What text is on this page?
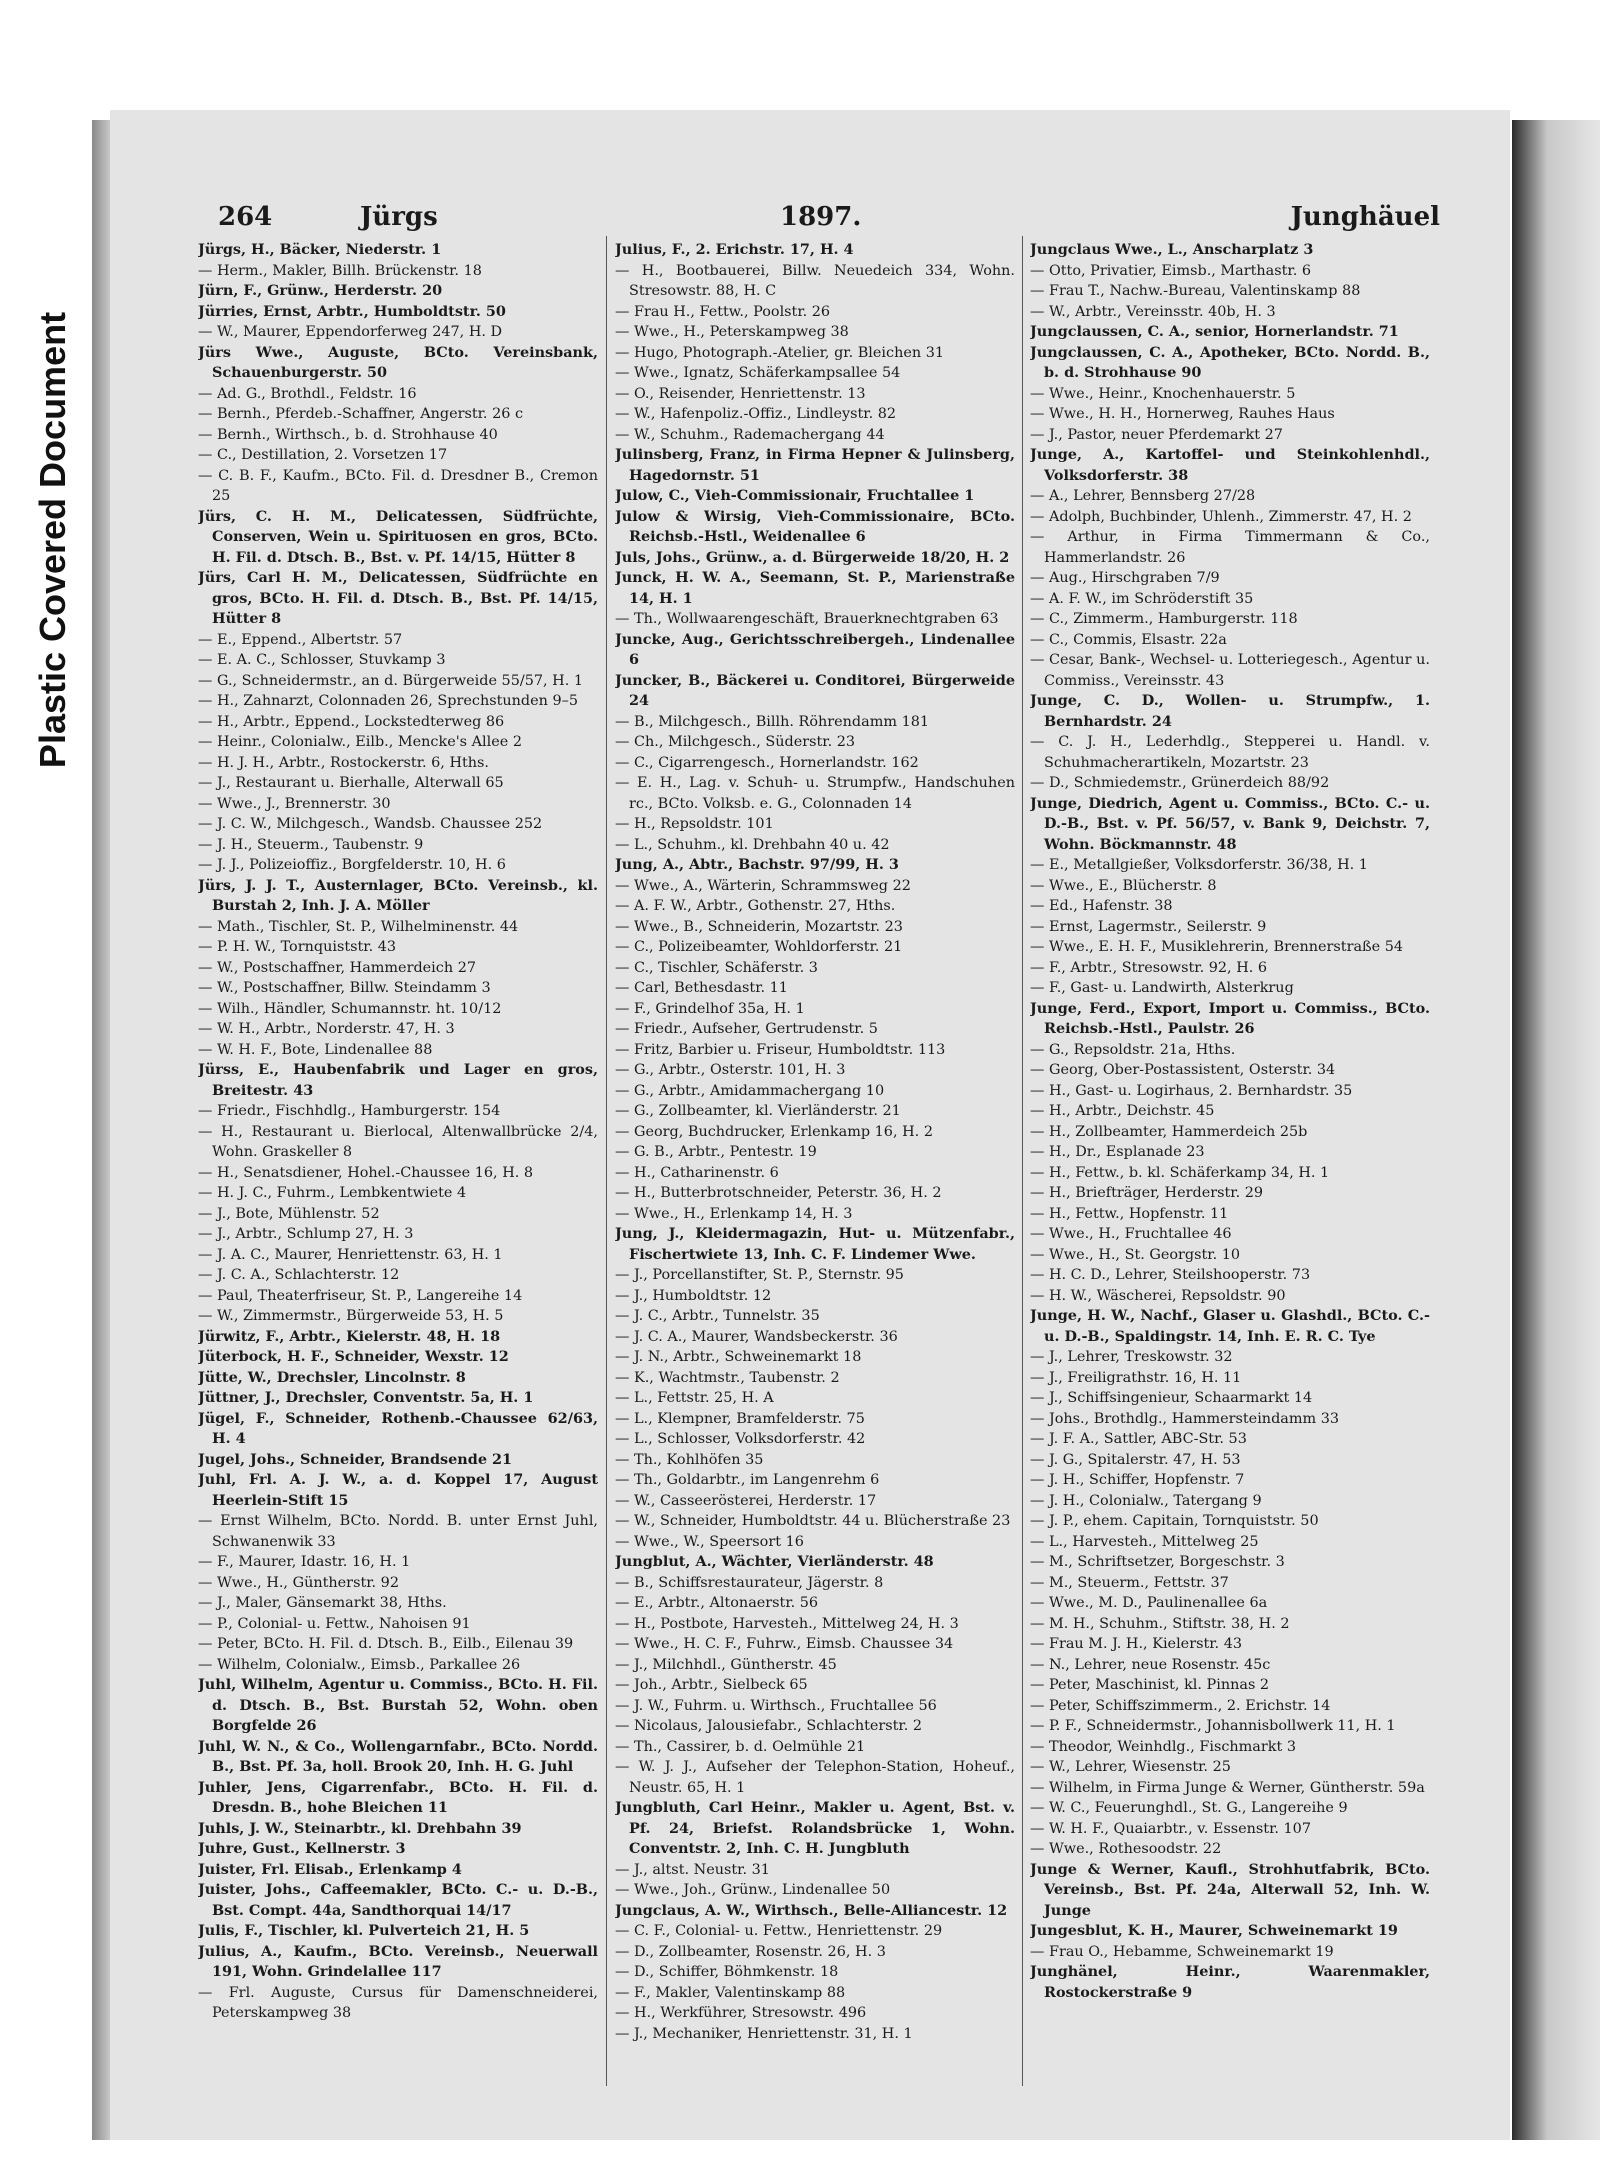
Plastic Covered Document
264	Jürgs	1897.	Junghäuel

Jürgs, H., Bäcker, Niederstr. 1

— Herm., Makler, Billh. Brückenstr. 18

Jürn, F., Grünw., Herderstr. 20

Jürries, Ernst, Arbtr., Humboldtstr. 50

— W., Maurer, Eppendorferweg 247, H. D

Jürs Wwe., Auguste, BCto. Vereinsbank, Schauenburgerstr. 50

— Ad. G., Brothdl., Feldstr. 16

— Bernh., Pferdeb.-Schaffner, Angerstr. 26 c

— Bernh., Wirthsch., b. d. Strohhause 40

— C., Destillation, 2. Vorsetzen 17

— C. B. F., Kaufm., BCto. Fil. d. Dresdner B., Cremon 25

Jürs, C. H. M., Delicatessen, Südfrüchte, Conserven, Wein u. Spirituosen en gros, BCto. H. Fil. d. Dtsch. B., Bst. v. Pf. 14/15, Hütter 8

Jürs, Carl H. M., Delicatessen, Südfrüchte en gros, BCto. H. Fil. d. Dtsch. B., Bst. Pf. 14/15, Hütter 8

— E., Eppend., Albertstr. 57

— E. A. C., Schlosser, Stuvkamp 3

— G., Schneidermstr., an d. Bürgerweide 55/57, H. 1

— H., Zahnarzt, Colonnaden 26, Sprechstunden 9–5

— H., Arbtr., Eppend., Lockstedterweg 86

— Heinr., Colonialw., Eilb., Mencke's Allee 2

— H. J. H., Arbtr., Rostockerstr. 6, Hths.

— J., Restaurant u. Bierhalle, Alterwall 65

— Wwe., J., Brennerstr. 30

— J. C. W., Milchgesch., Wandsb. Chaussee 252

— J. H., Steuerm., Taubenstr. 9

— J. J., Polizeioffiz., Borgfelderstr. 10, H. 6

Jürs, J. J. T., Austernlager, BCto. Vereinsb., kl. Burstah 2, Inh. J. A. Möller

— Math., Tischler, St. P., Wilhelminenstr. 44

— P. H. W., Tornquiststr. 43

— W., Postschaffner, Hammerdeich 27

— W., Postschaffner, Billw. Steindamm 3

— Wilh., Händler, Schumannstr. ht. 10/12

— W. H., Arbtr., Norderstr. 47, H. 3

— W. H. F., Bote, Lindenallee 88

Jürss, E., Haubenfabrik und Lager en gros, Breitestr. 43

— Friedr., Fischhdlg., Hamburgerstr. 154

— H., Restaurant u. Bierlocal, Altenwallbrücke 2/4, Wohn. Graskeller 8

— H., Senatsdiener, Hohel.-Chaussee 16, H. 8

— H. J. C., Fuhrm., Lembkentwiete 4

— J., Bote, Mühlenstr. 52

— J., Arbtr., Schlump 27, H. 3

— J. A. C., Maurer, Henriettenstr. 63, H. 1

— J. C. A., Schlachterstr. 12

— Paul, Theaterfriseur, St. P., Langereihe 14

— W., Zimmermstr., Bürgerweide 53, H. 5

Jürwitz, F., Arbtr., Kielerstr. 48, H. 18

Jüterbock, H. F., Schneider, Wexstr. 12

Jütte, W., Drechsler, Lincolnstr. 8

Jüttner, J., Drechsler, Conventstr. 5a, H. 1

Jügel, F., Schneider, Rothenb.-Chaussee 62/63, H. 4

Jugel, Johs., Schneider, Brandsende 21

Juhl, Frl. A. J. W., a. d. Koppel 17, August Heerlein-Stift 15

— Ernst Wilhelm, BCto. Nordd. B. unter Ernst Juhl, Schwanenwik 33

— F., Maurer, Idastr. 16, H. 1

— Wwe., H., Güntherstr. 92

— J., Maler, Gänsemarkt 38, Hths.

— P., Colonial- u. Fettw., Nahoisen 91

— Peter, BCto. H. Fil. d. Dtsch. B., Eilb., Eilenau 39

— Wilhelm, Colonialw., Eimsb., Parkallee 26

Juhl, Wilhelm, Agentur u. Commiss., BCto. H. Fil. d. Dtsch. B., Bst. Burstah 52, Wohn. oben Borgfelde 26

Juhl, W. N., & Co., Wollengarnfabr., BCto. Nordd. B., Bst. Pf. 3a, holl. Brook 20, Inh. H. G. Juhl

Juhler, Jens, Cigarrenfabr., BCto. H. Fil. d. Dresdn. B., hohe Bleichen 11

Juhls, J. W., Steinarbtr., kl. Drehbahn 39

Juhre, Gust., Kellnerstr. 3

Juister, Frl. Elisab., Erlenkamp 4

Juister, Johs., Caffeemakler, BCto. C.- u. D.-B., Bst. Compt. 44a, Sandthorquai 14/17

Julis, F., Tischler, kl. Pulverteich 21, H. 5

Julius, A., Kaufm., BCto. Vereinsb., Neuerwall 191, Wohn. Grindelallee 117

— Frl. Auguste, Cursus für Damenschneiderei, Peterskampweg 38

Julius, F., 2. Erichstr. 17, H. 4

— H., Bootbauerei, Billw. Neuedeich 334, Wohn. Stresowstr. 88, H. C

— Frau H., Fettw., Poolstr. 26

— Wwe., H., Peterskampweg 38

— Hugo, Photograph.-Atelier, gr. Bleichen 31

— Wwe., Ignatz, Schäferkampsallee 54

— O., Reisender, Henriettenstr. 13

— W., Hafenpoliz.-Offiz., Lindleystr. 82

— W., Schuhm., Rademachergang 44

Julinsberg, Franz, in Firma Hepner & Julinsberg, Hagedornstr. 51

Julow, C., Vieh-Commissionair, Fruchtallee 1

Julow & Wirsig, Vieh-Commissionaire, BCto. Reichsb.-Hstl., Weidenallee 6

Juls, Johs., Grünw., a. d. Bürgerweide 18/20, H. 2

Junck, H. W. A., Seemann, St. P., Marienstraße 14, H. 1

— Th., Wollwaarengeschäft, Brauerknechtgraben 63

Juncke, Aug., Gerichtsschreibergeh., Lindenallee 6

Juncker, B., Bäckerei u. Conditorei, Bürgerweide 24

— B., Milchgesch., Billh. Röhrendamm 181

— Ch., Milchgesch., Süderstr. 23

— C., Cigarrengesch., Hornerlandstr. 162

— E. H., Lag. v. Schuh- u. Strumpfw., Handschuhen rc., BCto. Volksb. e. G., Colonnaden 14

— H., Repsoldstr. 101

— L., Schuhm., kl. Drehbahn 40 u. 42

Jung, A., Abtr., Bachstr. 97/99, H. 3

— Wwe., A., Wärterin, Schrammsweg 22

— A. F. W., Arbtr., Gothenstr. 27, Hths.

— Wwe., B., Schneiderin, Mozartstr. 23

— C., Polizeibeamter, Wohldorferstr. 21

— C., Tischler, Schäferstr. 3

— Carl, Bethesdastr. 11

— F., Grindelhof 35a, H. 1

— Friedr., Aufseher, Gertrudenstr. 5

— Fritz, Barbier u. Friseur, Humboldtstr. 113

— G., Arbtr., Osterstr. 101, H. 3

— G., Arbtr., Amidammachergang 10

— G., Zollbeamter, kl. Vierländerstr. 21

— Georg, Buchdrucker, Erlenkamp 16, H. 2

— G. B., Arbtr., Pentestr. 19

— H., Catharinenstr. 6

— H., Butterbrotschneider, Peterstr. 36, H. 2

— Wwe., H., Erlenkamp 14, H. 3

Jung, J., Kleidermagazin, Hut- u. Mützenfabr., Fischertwiete 13, Inh. C. F. Lindemer Wwe.

— J., Porcellanstifter, St. P., Sternstr. 95

— J., Humboldtstr. 12

— J. C., Arbtr., Tunnelstr. 35

— J. C. A., Maurer, Wandsbeckerstr. 36

— J. N., Arbtr., Schweinemarkt 18

— K., Wachtmstr., Taubenstr. 2

— L., Fettstr. 25, H. A

— L., Klempner, Bramfelderstr. 75

— L., Schlosser, Volksdorferstr. 42

— Th., Kohlhöfen 35

— Th., Goldarbtr., im Langenrehm 6

— W., Casseerösterei, Herderstr. 17

— W., Schneider, Humboldtstr. 44 u. Blücherstraße 23

— Wwe., W., Speersort 16

Jungblut, A., Wächter, Vierländerstr. 48

— B., Schiffsrestaurateur, Jägerstr. 8

— E., Arbtr., Altonaerstr. 56

— H., Postbote, Harvesteh., Mittelweg 24, H. 3

— Wwe., H. C. F., Fuhrw., Eimsb. Chaussee 34

— J., Milchhdl., Güntherstr. 45

— Joh., Arbtr., Sielbeck 65

— J. W., Fuhrm. u. Wirthsch., Fruchtallee 56

— Nicolaus, Jalousiefabr., Schlachterstr. 2

— Th., Cassirer, b. d. Oelmühle 21

— W. J. J., Aufseher der Telephon-Station, Hoheuf., Neustr. 65, H. 1

Jungbluth, Carl Heinr., Makler u. Agent, Bst. v. Pf. 24, Briefst. Rolandsbrücke 1, Wohn. Conventstr. 2, Inh. C. H. Jungbluth

— J., altst. Neustr. 31

— Wwe., Joh., Grünw., Lindenallee 50

Jungclaus, A. W., Wirthsch., Belle-Alliancestr. 12

— C. F., Colonial- u. Fettw., Henriettenstr. 29

— D., Zollbeamter, Rosenstr. 26, H. 3

— D., Schiffer, Böhmkenstr. 18

— F., Makler, Valentinskamp 88

— H., Werkführer, Stresowstr. 496

— J., Mechaniker, Henriettenstr. 31, H. 1

Jungclaus Wwe., L., Anscharplatz 3

— Otto, Privatier, Eimsb., Marthastr. 6

— Frau T., Nachw.-Bureau, Valentinskamp 88

— W., Arbtr., Vereinsstr. 40b, H. 3

Jungclaussen, C. A., senior, Hornerlandstr. 71

Jungclaussen, C. A., Apotheker, BCto. Nordd. B., b. d. Strohhause 90

— Wwe., Heinr., Knochenhauerstr. 5

— Wwe., H. H., Hornerweg, Rauhes Haus

— J., Pastor, neuer Pferdemarkt 27

Junge, A., Kartoffel- und Steinkohlenhdl., Volksdorferstr. 38

— A., Lehrer, Bennsberg 27/28

— Adolph, Buchbinder, Uhlenh., Zimmerstr. 47, H. 2

— Arthur, in Firma Timmermann & Co., Hammerlandstr. 26

— Aug., Hirschgraben 7/9

— A. F. W., im Schröderstift 35

— C., Zimmerm., Hamburgerstr. 118

— C., Commis, Elsastr. 22a

— Cesar, Bank-, Wechsel- u. Lotteriegesch., Agentur u. Commiss., Vereinsstr. 43

Junge, C. D., Wollen- u. Strumpfw., 1. Bernhardstr. 24

— C. J. H., Lederhdlg., Stepperei u. Handl. v. Schuhmacherartikeln, Mozartstr. 23

— D., Schmiedemstr., Grünerdeich 88/92

Junge, Diedrich, Agent u. Commiss., BCto. C.- u. D.-B., Bst. v. Pf. 56/57, v. Bank 9, Deichstr. 7, Wohn. Böckmannstr. 48

— E., Metallgießer, Volksdorferstr. 36/38, H. 1

— Wwe., E., Blücherstr. 8

— Ed., Hafenstr. 38

— Ernst, Lagermstr., Seilerstr. 9

— Wwe., E. H. F., Musiklehrerin, Brennerstraße 54

— F., Arbtr., Stresowstr. 92, H. 6

— F., Gast- u. Landwirth, Alsterkrug

Junge, Ferd., Export, Import u. Commiss., BCto. Reichsb.-Hstl., Paulstr. 26

— G., Repsoldstr. 21a, Hths.

— Georg, Ober-Postassistent, Osterstr. 34

— H., Gast- u. Logirhaus, 2. Bernhardstr. 35

— H., Arbtr., Deichstr. 45

— H., Zollbeamter, Hammerdeich 25b

— H., Dr., Esplanade 23

— H., Fettw., b. kl. Schäferkamp 34, H. 1

— H., Briefträger, Herderstr. 29

— H., Fettw., Hopfenstr. 11

— Wwe., H., Fruchtallee 46

— Wwe., H., St. Georgstr. 10

— H. C. D., Lehrer, Steilshooperstr. 73

— H. W., Wäscherei, Repsoldstr. 90

Junge, H. W., Nachf., Glaser u. Glashdl., BCto. C.- u. D.-B., Spaldingstr. 14, Inh. E. R. C. Tye

— J., Lehrer, Treskowstr. 32

— J., Freiligrathstr. 16, H. 11

— J., Schiffsingenieur, Schaarmarkt 14

— Johs., Brothdlg., Hammersteindamm 33

— J. F. A., Sattler, ABC-Str. 53

— J. G., Spitalerstr. 47, H. 53

— J. H., Schiffer, Hopfenstr. 7

— J. H., Colonialw., Tatergang 9

— J. P., ehem. Capitain, Tornquiststr. 50

— L., Harvesteh., Mittelweg 25

— M., Schriftsetzer, Borgeschstr. 3

— M., Steuerm., Fettstr. 37

— Wwe., M. D., Paulinenallee 6a

— M. H., Schuhm., Stiftstr. 38, H. 2

— Frau M. J. H., Kielerstr. 43

— N., Lehrer, neue Rosenstr. 45c

— Peter, Maschinist, kl. Pinnas 2

— Peter, Schiffszimmerm., 2. Erichstr. 14

— P. F., Schneidermstr., Johannisbollwerk 11, H. 1

— Theodor, Weinhdlg., Fischmarkt 3

— W., Lehrer, Wiesenstr. 25

— Wilhelm, in Firma Junge & Werner, Güntherstr. 59a

— W. C., Feuerunghdl., St. G., Langereihe 9

— W. H. F., Quaiarbtr., v. Essenstr. 107

— Wwe., Rothesoodstr. 22

Junge & Werner, Kaufl., Strohhutfabrik, BCto. Vereinsb., Bst. Pf. 24a, Alterwall 52, Inh. W. Junge

Jungesblut, K. H., Maurer, Schweinemarkt 19

— Frau O., Hebamme, Schweinemarkt 19

Junghänel, Heinr., Waarenmakler, Rostockerstraße 9
